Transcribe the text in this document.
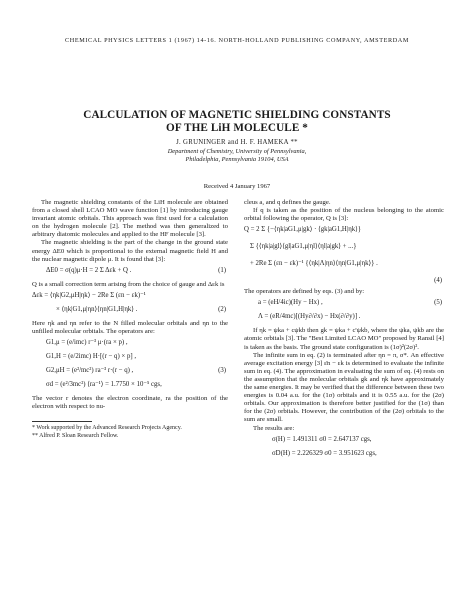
CHEMICAL PHYSICS LETTERS 1 (1967) 14-16. NORTH-HOLLAND PUBLISHING COMPANY, AMSTERDAM
CALCULATION OF MAGNETIC SHIELDING CONSTANTS
OF THE LiH MOLECULE *
J. GRUNINGER and H. F. HAMEKA **
Department of Chemistry, University of Pennsylvania,
Philadelphia, Pennsylvania 19104, USA
Received 4 January 1967

The magnetic shielding constants of the LiH molecule are obtained from a closed shell LCAO MO wave function [1] by introducing gauge invariant atomic orbitals. This approach was first used for a calculation on the hydrogen molecule [2]. The method was then generalized to arbitrary diatomic molecules and applied to the HF molecule [3].

The magnetic shielding is the part of the change in the ground state energy ΔE0 which is proportional to the external magnetic field H and the nuclear magnetic dipole μ. It is found that [3]:

ΔE0 = σ(q)μ·H = 2 Σ Δεk + Q .	(1)

Q is a small correction term arising from the choice of gauge and Δεk is

Δεk = ⟨ηk|G2,μH|ηk⟩ − 2Re Σ (εn − εk)⁻¹
× ⟨ηk|G1,μ|ηn⟩⟨ηn|G1,H|ηk⟩ .	(2)

Here ηk and ηn refer to the N filled molecular orbitals and ηn to the unfilled molecular orbitals. The operators are:

G1,μ = (e/imc) r⁻³ μ·(ra × p) ,
G1,H = (e/2imc) H·[(r − q) × p] ,
G2,μH = (e²/mc²) ra⁻³ r·(r − q) ,	(3)
σd = (e²/3mc²) ⟨ra⁻¹⟩ = 1.7750 × 10⁻⁵ cgs,

The vector r denotes the electron coordinate, ra the position of the electron with respect to nu-

* Work supported by the Advanced Research Projects Agency.

** Alfred P. Sloan Research Fellow.

cleus a, and q defines the gauge.

If q is taken as the position of the nucleus belonging to the atomic orbital following the operator, Q is [3]:

Q = 2 Σ {−⟨ηk|aG1,μ|gk⟩ · ⟨gk|aG1,H|ηk⟩}
Σ {⟨ηk|a|gl⟩⟨gl|aG1,μ|ηl⟩⟨ηl|a|gk⟩ + ...}
+ 2Re Σ (εn − εk)⁻¹ {⟨ηk|Λ|ηn⟩⟨ηn|G1,μ|ηk⟩} .
(4)

The operators are defined by eqs. (3) and by:

a = (eH/4ic)(Hy − Hx) ,	(5)
Λ = (eR/4mc)[(Hy∂/∂x) − Hx(∂/∂y)] .

If ηk = ψka + cψkb then gk = ψka + c'ψkb, where the ψka, ψkb are the atomic orbitals [3]. The "Best Limited LCAO MO" proposed by Ransil [4] is taken as the basis. The ground state configuration is (1σ)²(2σ)².

The infinite sum in eq. (2) is terminated after ηn = π, σ*. An effective average excitation energy [3] ε̄n − εk is determined to evaluate the infinite sum in eq. (4). The approximation in evaluating the sum of eq. (4) rests on the assumption that the molecular orbitals gk and ηk have approximately the same energies. It may be verified that the difference between these two energies is 0.04 a.u. for the (1σ) orbitals and it is 0.55 a.u. for the (2σ) orbitals. Our approximation is therefore better justified for the (1σ) than for the (2σ) orbitals. However, the contribution of the (2σ) orbitals to the sum are small.

The results are:

σ(H) = 1.491311 σ0 = 2.647137 cgs,
σD(H) = 2.226329 σ0 = 3.951623 cgs,
